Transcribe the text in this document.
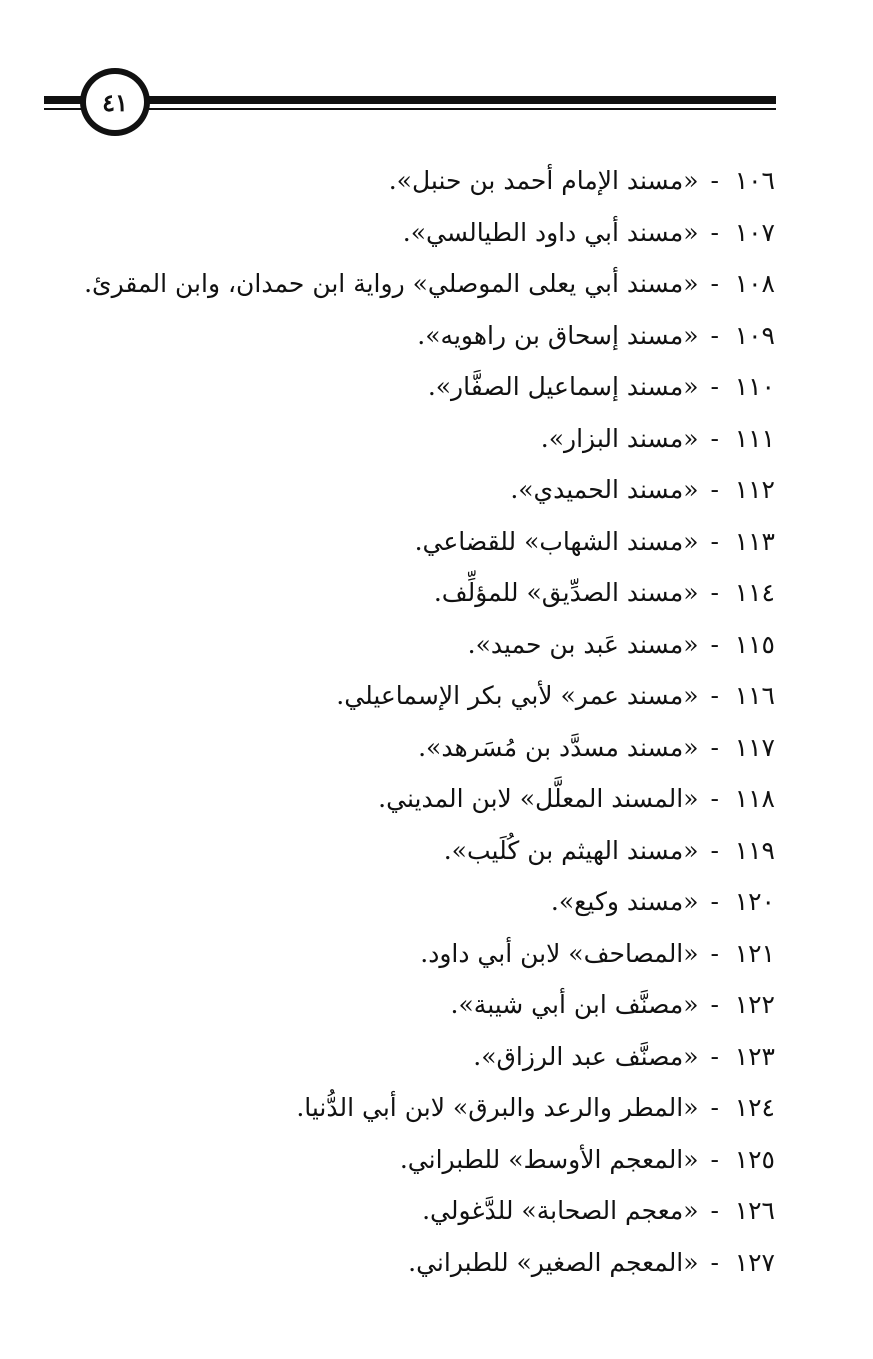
٤١
١٠٦-«مسند الإمام أحمد بن حنبل».
١٠٧-«مسند أبي داود الطيالسي».
١٠٨-«مسند أبي يعلى الموصلي» رواية ابن حمدان، وابن المقرئ.
١٠٩-«مسند إسحاق بن راهويه».
١١٠-«مسند إسماعيل الصفَّار».
١١١-«مسند البزار».
١١٢-«مسند الحميدي».
١١٣-«مسند الشهاب» للقضاعي.
١١٤-«مسند الصدِّيق» للمؤلِّف.
١١٥-«مسند عَبد بن حميد».
١١٦-«مسند عمر» لأبي بكر الإسماعيلي.
١١٧-«مسند مسدَّد بن مُسَرهد».
١١٨-«المسند المعلَّل» لابن المديني.
١١٩-«مسند الهيثم بن كُلَيب».
١٢٠-«مسند وكيع».
١٢١-«المصاحف» لابن أبي داود.
١٢٢-«مصنَّف ابن أبي شيبة».
١٢٣-«مصنَّف عبد الرزاق».
١٢٤-«المطر والرعد والبرق» لابن أبي الدُّنيا.
١٢٥-«المعجم الأوسط» للطبراني.
١٢٦-«معجم الصحابة» للدَّغولي.
١٢٧-«المعجم الصغير» للطبراني.
